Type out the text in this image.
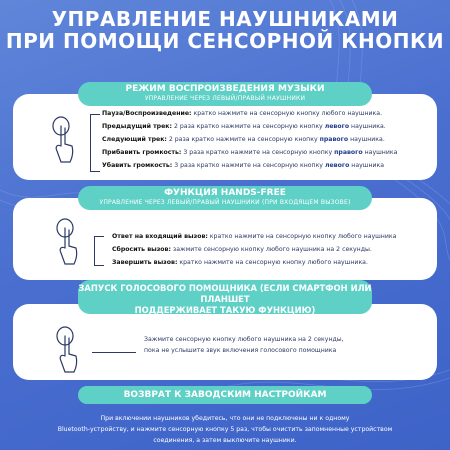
УПРАВЛЕНИЕ НАУШНИКАМИ
ПРИ ПОМОЩИ СЕНСОРНОЙ КНОПКИ
РЕЖИМ ВОСПРОИЗВЕДЕНИЯ МУЗЫКИ
УПРАВЛЕНИЕ ЧЕРЕЗ ЛЕВЫЙ/ПРАВЫЙ НАУШНИКИ
Пауза/Воспроизведение: кратко нажмите на сенсорную кнопку любого наушника.
Предыдущий трек: 2 раза кратко нажмите на сенсорную кнопку левого наушника.
Следующий трек: 2 раза кратко нажмите на сенсорную кнопку правого наушника.
Прибавить громкость: 3 раза кратко нажмите на сенсорную кнопку правого наушника
Убавить громкость: 3 раза кратко нажмите на сенсорную кнопку левого наушника
ФУНКЦИЯ HANDS-FREE
УПРАВЛЕНИЕ ЧЕРЕЗ ЛЕВЫЙ/ПРАВЫЙ НАУШНИКИ (ПРИ ВХОДЯЩЕМ ВЫЗОВЕ)
Ответ на входящий вызов: кратко нажмите на сенсорную кнопку любого наушника
Сбросить вызов: зажмите сенсорную кнопку любого наушника на 2 секунды.
Завершить вызов: кратко нажмите на сенсорную кнопку любого наушника.
ЗАПУСК ГОЛОСОВОГО ПОМОЩНИКА (ЕСЛИ СМАРТФОН ИЛИ ПЛАНШЕТ
ПОДДЕРЖИВАЕТ ТАКУЮ ФУНКЦИЮ)
УПРАВЛЕНИЕ ЧЕРЕЗ ЛЕВЫЙ/ПРАВЫЙ НАУШНИКИ
Зажмите сенсорную кнопку любого наушника на 2 секунды,
пока не услышите звук включения голосового помощника
ВОЗВРАТ К ЗАВОДСКИМ НАСТРОЙКАМ
При включении наушников убедитесь, что они не подключены ни к одному
Bluetooth-устройству, и нажмите сенсорную кнопку 5 раз, чтобы очистить запомненные устройством
соединения, а затем выключите наушники.
